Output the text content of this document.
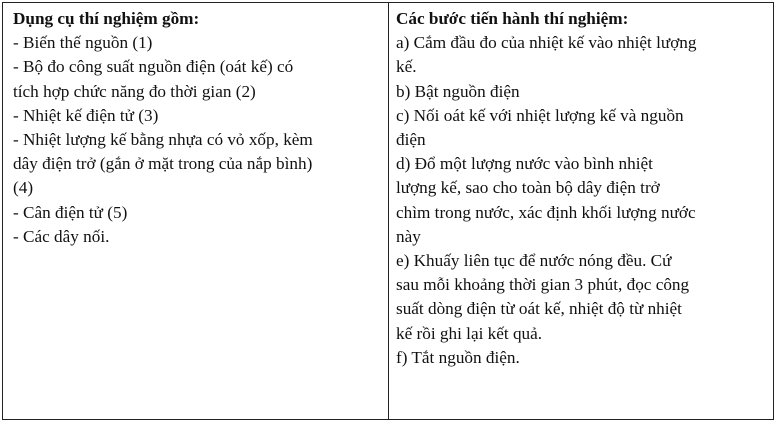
Dụng cụ thí nghiệm gồm:
- Biến thế nguồn (1)
- Bộ đo công suất nguồn điện (oát kế) có
tích hợp chức năng đo thời gian (2)
- Nhiệt kế điện tử (3)
- Nhiệt lượng kế bằng nhựa có vỏ xốp, kèm
dây điện trở (gắn ở mặt trong của nắp bình)
(4)
- Cân điện tử (5)
- Các dây nối.
Các bước tiến hành thí nghiệm:
a) Cắm đầu đo của nhiệt kế vào nhiệt lượng
kế.
b) Bật nguồn điện
c) Nối oát kế với nhiệt lượng kế và nguồn
điện
d) Đổ một lượng nước vào bình nhiệt
lượng kế, sao cho toàn bộ dây điện trở
chìm trong nước, xác định khối lượng nước
này
e) Khuấy liên tục để nước nóng đều. Cứ
sau mỗi khoảng thời gian 3 phút, đọc công
suất dòng điện từ oát kế, nhiệt độ từ nhiệt
kế rồi ghi lại kết quả.
f) Tắt nguồn điện.
